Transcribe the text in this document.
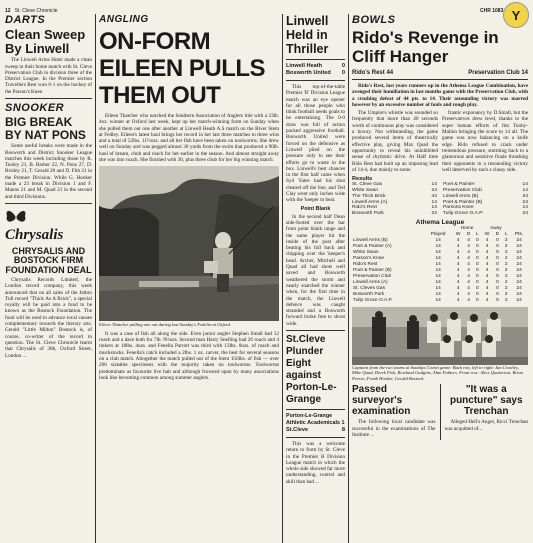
12 St. Cleve Chronicle	CHR 1083 Y
DARTS
Clean Sweep By Linwell

The Linwell Arms Hotel made a clean sweep in their home match with St. Cleve Preservation Club in division three of the District League. In the Premier section Travellers Rest won 6-1 on the hockey of the Parson's Knee.

SNOOKER
BIG BREAK BY NAT PONS

Some useful breaks were made in the Bosworth and District Snooker League matches this week including those by R. Tooley 21, B. Barber 22, N. Pons 27, D. Brisley 21, T. Gerald 28 and D. Fith 21 in the Premier Division. While G. Hooker made a 23 break in Division 1 and F. Manns 21 and M. Quad 21 in the second and third Divisions.

Chrysalis
CHRYSALIS AND BOSTOCK FIRM FOUNDATION DEAL

Chrysalis Records Limited, the London record company, this week announced that on all sales of the Jethro Tull record "Thick As A Brick", a special royalty will be paid into a fund to be known as the Bostock Foundation. The fund will be used to advance local causes complementary towards the literary arts. Gerald "Little Milton" Bostock is, of course, co-writer of the record in question. The St. Cleve Chronicle learnt that Chrysalis of 38b, Oxford Street, London ...

ANGLING
ON-FORM EILEEN PULLS THEM OUT

Eileen Thatcher who notched the Southern Association of Anglers title with a 23lb. 4oz. winner at Oxford last week, kept up her match-winning form on Sunday when she pulled them out one after another at Linwell Heath A.S match on the River Stem at Fedley. Eileen's latest haul brings her record in her last three matches to three wins and a total of 52lbs. 11½ozs. and all her fish have been taken on toolworms. She drew well on Sunday and was pegged almost 30 yards from the swim that produced a 90lb. haul of bream, chub and roach for her earlier in the season. And almost straight away she was into roach. She finished with 30, plus three chub for her big winning match.

Eileen Thatcher pulling one out during last Sunday's Fedelin at Oxford.

It was a case of fish all along the side. Even junior angler Stephen Small had 12 roach and a dace both for 7lb. 9½ozs. Second man Harry Snelling had 26 roach and 4 tinkers at 18lbs. 4ozs. and Fenella Parrott was third with 13lbs. 8ozs. of roach and muckstocks. Fenella's catch included a 2lbs. 1 oz. carver, the best for several seasons on a club match. Altogether the match pulled out of the Stem 156lbs. of fish — over 266 sizeable specimens with the majority taken on toolworms. Toolworms predominate as favourite live bait and although frowned upon by many associations look like becoming common among summer anglers.

Linwell Held in Thriller
Linwell Heath	0
Bosworth United 0

This top-of-the-table Premier 'B' Division League match was an eye opener for all those people who think football needs goals to be entertaining. The 0-0 draw was full of action packed aggressive football. Bosworth United were forced on the defensive as Linwell piled on the pressure only to see their efforts go to waste in the box. Linwell's best chances in the first half came when Syd Yates had his shot cleared off the line, and Ted Clay went only inches wide with the 'keeper to beat.

Point Blank

In the second half Dean side-footed over the bar from point blank range and the same player hit the inside of the post after beating his full back and chipping over the 'keeper's head. Archer, Mitchell and Quad all had shots well saved and Bosworth weathered the storm and nearly snatched the winner when, for the first time in the match, the Linwell defence was caught stranded and a Bosworth forward broke free to shoot wide.

St.Cleve Plunder Eight against Porton-Le-Grange
Porton-Le-Grange Athletic Academicals 1
St.Cleve	8

This was a welcome return to form by St. Cleve in the Premier B Division League match in which the whole side showed far more understanding, control and skill than had ...

BOWLS
Rido's Revenge in Cliff Hanger
Rido's Rest 44	Preservation Club 14

Rido's Rest, last years runners up in the Athema League Combination, have avenged their humiliation in last months game with the Preservation Club, with a crushing defeat of 44 pts. to 14. Their astounding victory was marred however by an excessive number of fouls and rough play.

The Umpire's whistle was sounded so frequently that more than 40 seconds worth of continuous play was considered a luxury. Not withstanding, the game produced several items of theatrically effective play, giving Max Quad the opportunity to reveal his uninhibited sense of rhythmic drive. At Half time Rido Rest had built up an imposing lead of 14-4, due mainly to some

frantic exponancy by D.Small, but the Preservatives drew level, thanks to the super human efforts of Jim Tooby-Mallon bringing the score to 14 all. The game was now balancing on a knife edge. Rido refused to crack under tremendous pressure, storming back to a glamorous and sensitive finale thrashing their opponents in a resounding victory well deserved by such a classy side.

Results
St. Cleve Gas	14 Poet & Painter	14
White Swan	24 Preservation Club	14
The Thick Brick	44 Linwell Arms (B)	24
Linwell Arms (A)	14 Poet & Painter (B)	24
Rido's Rest	14 Parsons Knee	14
Bosworth Park	24 Tulip Grove O.A.P.	24
Athema League
		Home			Away			
	Played	W	D	L	W	D	L	Pts.
Linwell Arms (B)	14	4	4	0	4	0	2	24
Poet & Painter (A)	14	4	4	0	4	0	2	24
White Swan	14	4	4	0	4	0	2	24
Parson's Knee	14	4	4	0	4	0	2	24
Rido's Rest	14	4	4	0	4	0	2	24
Poet & Painter (B)	14	4	4	0	4	0	2	24
Preservation Club	14	4	4	0	4	0	2	24
Linwell Arms (A)	14	4	4	0	4	0	2	24
St. Cleves Gas	14	4	4	0	4	0	2	24
Bosworth Park	14	4	4	0	4	0	2	24
Tulip Grove O.A.P.	14	4	4	0	4	0	2	24
Captains from the two teams at Sundays Comet game: Back row, left to right: Ian Crawley, Mike Quad, Derek Fish, Rowland Gudgins, Alan Fathers. Front row: Alice Quaterson, Brian Peerse, Frank Hooker, Gerald Bostock.
Passed surveyor's examination

The following local candidate was successful in the examinations of The Institute ...

"It was a puncture" says Trenchan

Alleged Hell's Angel, Ricci Trenchan was acquitted of...
